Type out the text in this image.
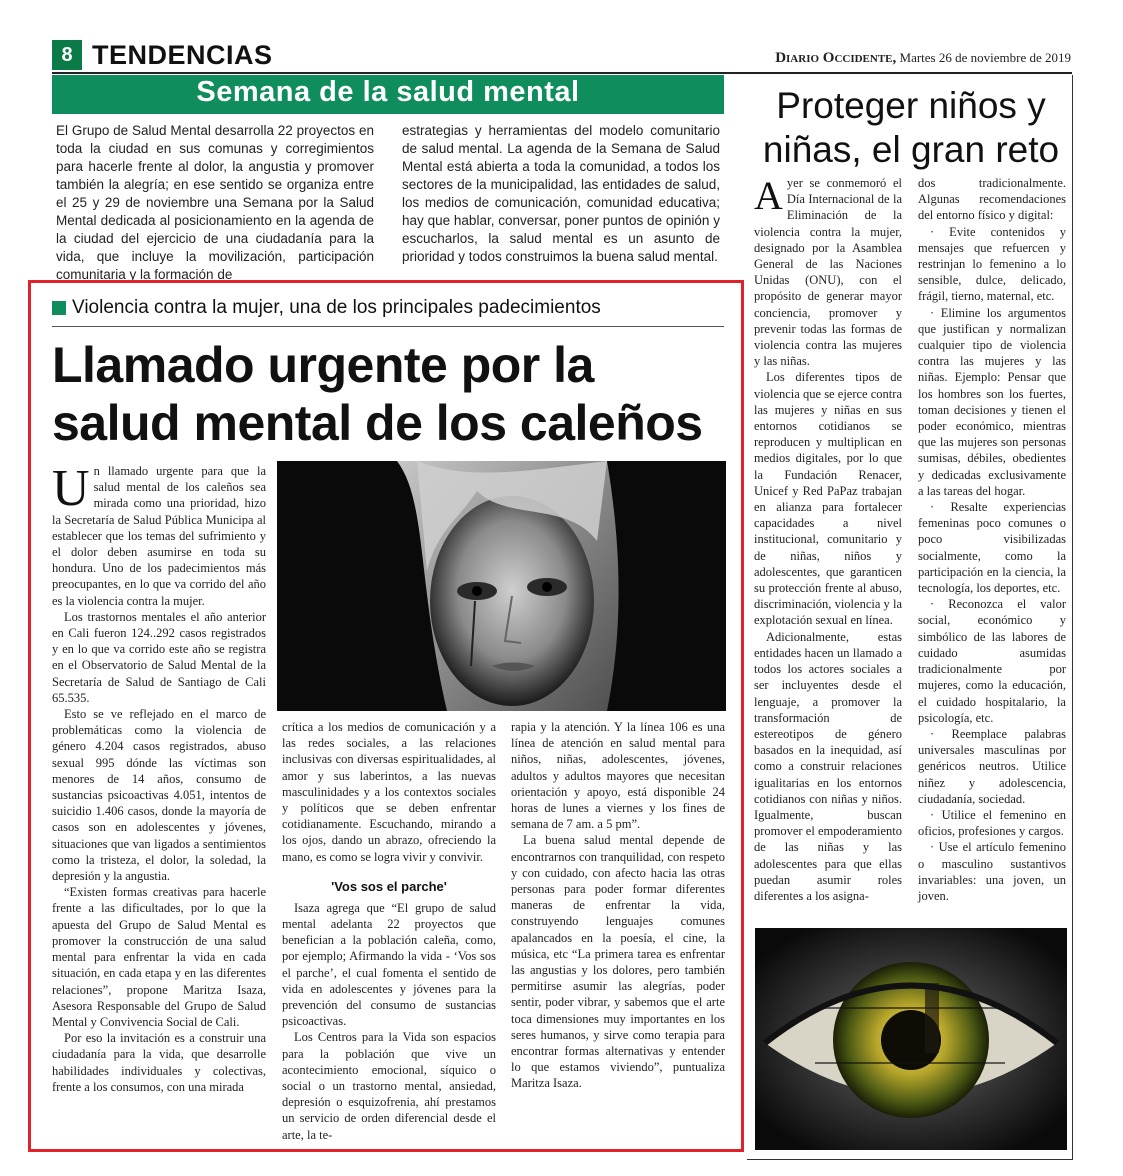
8 TENDENCIAS	Diario Occidente, Martes 26 de noviembre de 2019
Semana de la salud mental
El Grupo de Salud Mental desarrolla 22 proyectos en toda la ciudad en sus comunas y corregimientos para hacerle frente al dolor, la angustia y promover también la alegría; en ese sentido se organiza entre el 25 y 29 de noviembre una Semana por la Salud Mental dedicada al posicionamiento en la agenda de la ciudad del ejercicio de una ciudadanía para la vida, que incluye la movilización, participación comunitaria y la formación de
estrategias y herramientas del modelo comunitario de salud mental. La agenda de la Semana de Salud Mental está abierta a toda la comunidad, a todos los sectores de la municipalidad, las entidades de salud, los medios de comunicación, comunidad educativa; hay que hablar, conversar, poner puntos de opinión y escucharlos, la salud mental es un asunto de prioridad y todos construimos la buena salud mental.
Violencia contra la mujer, una de los principales padecimientos
Llamado urgente por la salud mental de los caleños

Un llamado urgente para que la salud mental de los caleños sea mirada como una prioridad, hizo la Secretaría de Salud Pública Municipa al establecer que los temas del sufrimiento y el dolor deben asumirse en toda su hondura. Uno de los padecimientos más preocupantes, en lo que va corrido del año es la violencia contra la mujer.

Los trastornos mentales el año anterior en Cali fueron 124..292 casos registrados y en lo que va corrido este año se registra en el Observatorio de Salud Mental de la Secretaría de Salud de Santiago de Cali 65.535.

Esto se ve reflejado en el marco de problemáticas como la violencia de género 4.204 casos registrados, abuso sexual 995 dónde las víctimas son menores de 14 años, consumo de sustancias psicoactivas 4.051, intentos de suicidio 1.406 casos, donde la mayoría de casos son en adolescentes y jóvenes, situaciones que van ligados a sentimientos como la tristeza, el dolor, la soledad, la depresión y la angustia.

“Existen formas creativas para hacerle frente a las dificultades, por lo que la apuesta del Grupo de Salud Mental es promover la construcción de una salud mental para enfrentar la vida en cada situación, en cada etapa y en las diferentes relaciones”, propone Maritza Isaza, Asesora Responsable del Grupo de Salud Mental y Convivencia Social de Cali.

Por eso la invitación es a construir una ciudadanía para la vida, que desarrolle habilidades individuales y colectivas, frente a los consumos, con una mirada

crítica a los medios de comunicación y a las redes sociales, a las relaciones inclusivas con diversas espiritualidades, al amor y sus laberintos, a las nuevas masculinidades y a los contextos sociales y políticos que se deben enfrentar cotidianamente. Escuchando, mirando a los ojos, dando un abrazo, ofreciendo la mano, es como se logra vivir y convivir.

'Vos sos el parche'

Isaza agrega que “El grupo de salud mental adelanta 22 proyectos que benefician a la población caleña, como, por ejemplo; Afirmando la vida - ‘Vos sos el parche’, el cual fomenta el sentido de vida en adolescentes y jóvenes para la prevención del consumo de sustancias psicoactivas.

Los Centros para la Vida son espacios para la población que vive un acontecimiento emocional, síquico o social o un trastorno mental, ansiedad, depresión o esquizofrenia, ahí prestamos un servicio de orden diferencial desde el arte, la te-

rapia y la atención. Y la línea 106 es una línea de atención en salud mental para niños, niñas, adolescentes, jóvenes, adultos y adultos mayores que necesitan orientación y apoyo, está disponible 24 horas de lunes a viernes y los fines de semana de 7 am. a 5 pm”.

La buena salud mental depende de encontrarnos con tranquilidad, con respeto y con cuidado, con afecto hacia las otras personas para poder formar diferentes maneras de enfrentar la vida, construyendo lenguajes comunes apalancados en la poesía, el cine, la música, etc “La primera tarea es enfrentar las angustias y los dolores, pero también permitirse asumir las alegrías, poder sentir, poder vibrar, y sabemos que el arte toca dimensiones muy importantes en los seres humanos, y sirve como terapia para encontrar formas alternativas y entender lo que estamos viviendo”, puntualiza Maritza Isaza.

Proteger niños y niñas, el gran reto

Ayer se conmemoró el Día Internacional de la Eliminación de la violencia contra la mujer, designado por la Asamblea General de las Naciones Unidas (ONU), con el propósito de generar mayor conciencia, promover y prevenir todas las formas de violencia contra las mujeres y las niñas.

Los diferentes tipos de violencia que se ejerce contra las mujeres y niñas en sus entornos cotidianos se reproducen y multiplican en medios digitales, por lo que la Fundación Renacer, Unicef y Red PaPaz trabajan en alianza para fortalecer capacidades a nivel institucional, comunitario y de niñas, niños y adolescentes, que garanticen su protección frente al abuso, discriminación, violencia y la explotación sexual en línea.

Adicionalmente, estas entidades hacen un llamado a todos los actores sociales a ser incluyentes desde el lenguaje, a promover la transformación de estereotipos de género basados en la inequidad, así como a construir relaciones igualitarias en los entornos cotidianos con niñas y niños. Igualmente, buscan promover el empoderamiento de las niñas y las adolescentes para que ellas puedan asumir roles diferentes a los asigna-

dos tradicionalmente. Algunas recomendaciones del entorno físico y digital:

· Evite contenidos y mensajes que refuercen y restrinjan lo femenino a lo sensible, dulce, delicado, frágil, tierno, maternal, etc.

· Elimine los argumentos que justifican y normalizan cualquier tipo de violencia contra las mujeres y las niñas. Ejemplo: Pensar que los hombres son los fuertes, toman decisiones y tienen el poder económico, mientras que las mujeres son personas sumisas, débiles, obedientes y dedicadas exclusivamente a las tareas del hogar.

· Resalte experiencias femeninas poco comunes o poco visibilizadas socialmente, como la participación en la ciencia, la tecnología, los deportes, etc.

· Reconozca el valor social, económico y simbólico de las labores de cuidado asumidas tradicionalmente por mujeres, como la educación, el cuidado hospitalario, la psicología, etc.

· Reemplace palabras universales masculinas por genéricos neutros. Utilice niñez y adolescencia, ciudadanía, sociedad.

· Utilice el femenino en oficios, profesiones y cargos.

· Use el artículo femenino o masculino sustantivos invariables: una joven, un joven.
